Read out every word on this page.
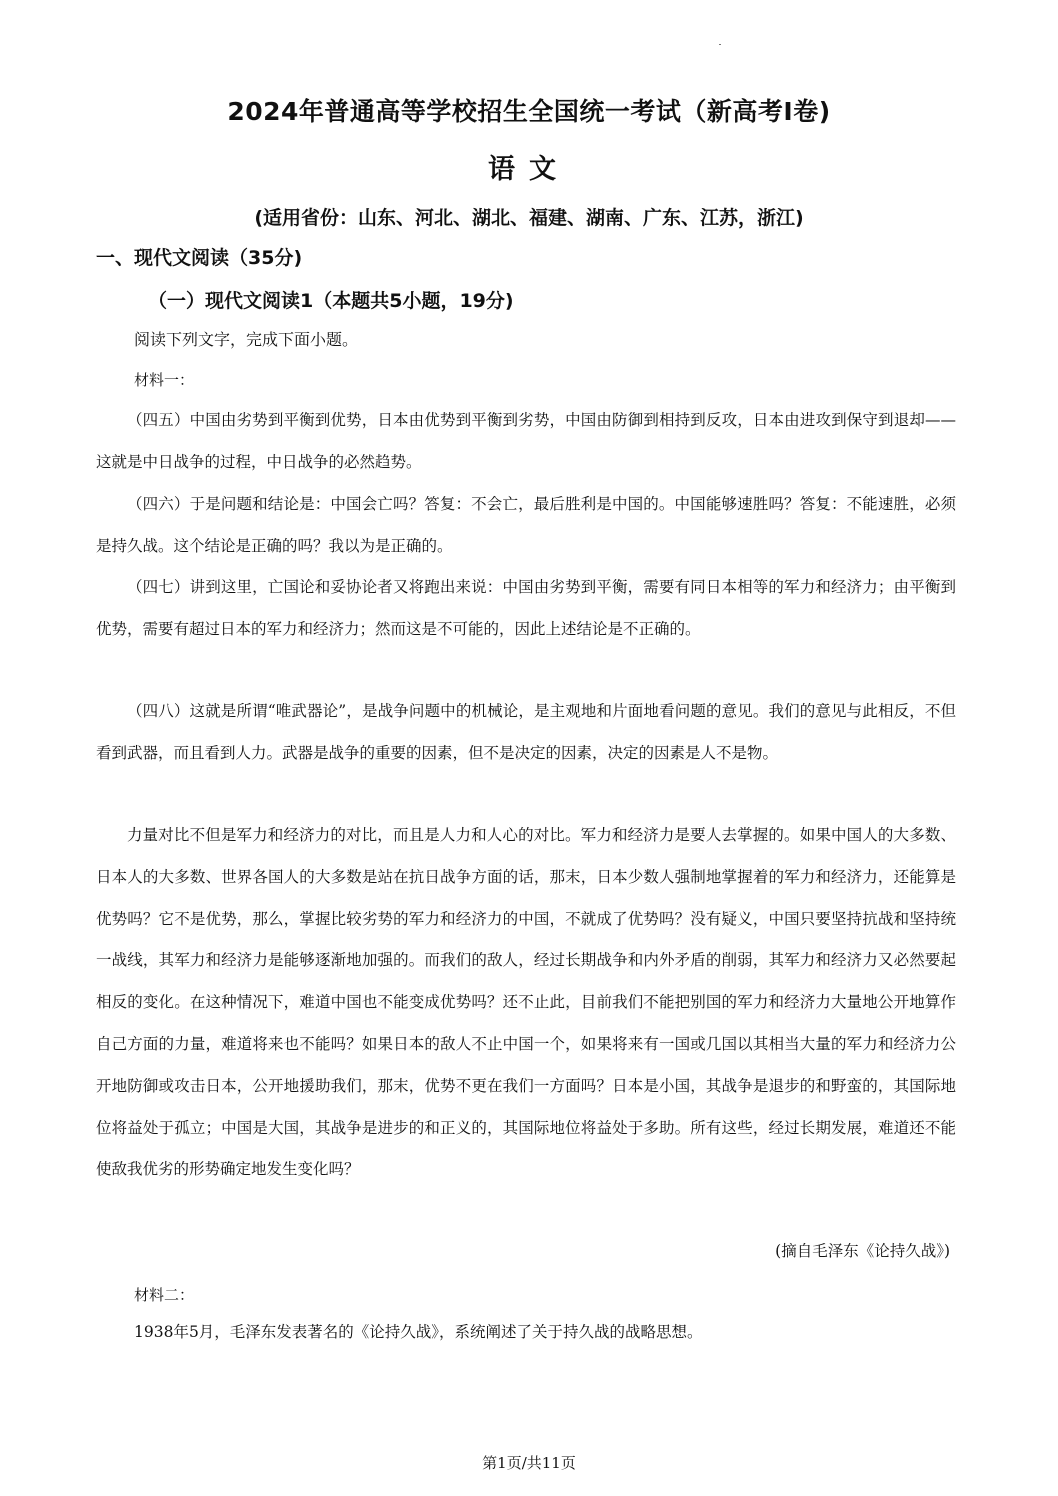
2024年普通高等学校招生全国统一考试（新高考Ⅰ卷)
语文
(适用省份：山东、河北、湖北、福建、湖南、广东、江苏，浙江)
一、现代文阅读（35分)
（一）现代文阅读1（本题共5小题，19分)
阅读下列文字，完成下面小题。
材料一：

（四五）中国由劣势到平衡到优势，日本由优势到平衡到劣势，中国由防御到相持到反攻，日本由进攻到保守到退却——这就是中日战争的过程，中日战争的必然趋势。

（四六）于是问题和结论是：中国会亡吗？答复：不会亡，最后胜利是中国的。中国能够速胜吗？答复：不能速胜，必须是持久战。这个结论是正确的吗？我以为是正确的。

（四七）讲到这里，亡国论和妥协论者又将跑出来说：中国由劣势到平衡，需要有同日本相等的军力和经济力；由平衡到优势，需要有超过日本的军力和经济力；然而这是不可能的，因此上述结论是不正确的。

（四八）这就是所谓“唯武器论”，是战争问题中的机械论，是主观地和片面地看问题的意见。我们的意见与此相反，不但看到武器，而且看到人力。武器是战争的重要的因素，但不是决定的因素，决定的因素是人不是物。

力量对比不但是军力和经济力的对比，而且是人力和人心的对比。军力和经济力是要人去掌握的。如果中国人的大多数、日本人的大多数、世界各国人的大多数是站在抗日战争方面的话，那末，日本少数人强制地掌握着的军力和经济力，还能算是优势吗？它不是优势，那么，掌握比较劣势的军力和经济力的中国，不就成了优势吗？没有疑义，中国只要坚持抗战和坚持统一战线，其军力和经济力是能够逐渐地加强的。而我们的敌人，经过长期战争和内外矛盾的削弱，其军力和经济力又必然要起相反的变化。在这种情况下，难道中国也不能变成优势吗？还不止此，目前我们不能把别国的军力和经济力大量地公开地算作自己方面的力量，难道将来也不能吗？如果日本的敌人不止中国一个，如果将来有一国或几国以其相当大量的军力和经济力公开地防御或攻击日本，公开地援助我们，那末，优势不更在我们一方面吗？日本是小国，其战争是退步的和野蛮的，其国际地位将益处于孤立；中国是大国，其战争是进步的和正义的，其国际地位将益处于多助。所有这些，经过长期发展，难道还不能使敌我优劣的形势确定地发生变化吗？

(摘自毛泽东《论持久战》)
材料二：
1938年5月，毛泽东发表著名的《论持久战》，系统阐述了关于持久战的战略思想。
第1页/共11页
